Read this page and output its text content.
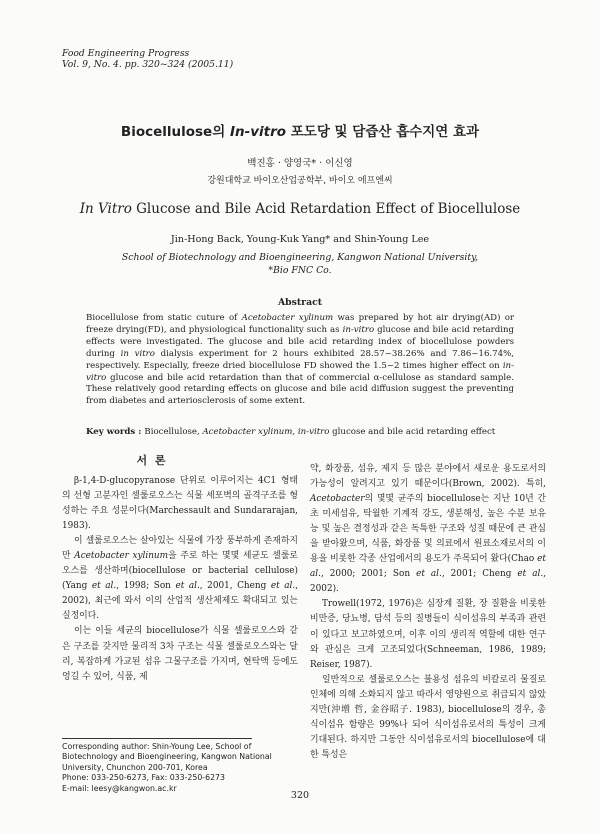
Food Engineering Progress
Vol. 9, No. 4. pp. 320~324 (2005.11)
Biocellulose의 In-vitro 포도당 및 담즙산 흡수지연 효과
백진홍 · 양영국* · 이신영
강원대학교 바이오산업공학부, 바이오 에프엔씨
In Vitro Glucose and Bile Acid Retardation Effect of Biocellulose
Jin-Hong Back, Young-Kuk Yang* and Shin-Young Lee
School of Biotechnology and Bioengineering, Kangwon National University,
*Bio FNC Co.
Abstract

Biocellulose from static cuture of Acetobacter xylinum was prepared by hot air drying(AD) or freeze drying(FD), and physiological functionality such as in-vitro glucose and bile acid retarding effects were investigated. The glucose and bile acid retarding index of biocellulose powders during in vitro dialysis experiment for 2 hours exhibited 28.57~38.26% and 7.86~16.74%, respectively. Especially, freeze dried biocellulose FD showed the 1.5~2 times higher effect on in-vitro glucose and bile acid retardation than that of commercial α-cellulose as standard sample. These relatively good retarding effects on glucose and bile acid diffusion suggest the preventing from diabetes and arteriosclerosis of some extent.

Key words : Biocellulose, Acetobacter xylinum, in-vitro glucose and bile acid retarding effect

서 론

β-1,4-D-glucopyranose 단위로 이루어지는 4C1 형태의 선형 고분자인 셀룰로오스는 식물 세포벽의 골격구조를 형성하는 주요 성분이다(Marchessault and Sundararajan, 1983).

이 셀룰로오스는 살아있는 식물에 가장 풍부하게 존재하지만 Acetobacter xylinum을 주로 하는 몇몇 세균도 셀룰로오스를 생산하며(biocellulose or bacterial cellulose)(Yang et al., 1998; Son et al., 2001, Cheng et al., 2002), 최근에 와서 이의 산업적 생산체제도 확대되고 있는 실정이다.

이는 이들 세균의 biocellulose가 식물 셀룰로오스와 같은 구조를 갖지만 물리적 3차 구조는 식물 셀룰로오스와는 달리, 복잡하게 가교된 섬유 그물구조를 가지며, 현탁액 등에도 엉길 수 있어, 식품, 제

약, 화장품, 섬유, 제지 등 많은 분야에서 새로운 용도로서의 가능성이 알려지고 있기 때문이다(Brown, 2002). 특히, Acetobacter의 몇몇 균주의 biocellulose는 지난 10년 간 초 미세섬유, 탁월한 기계적 강도, 생분해성, 높은 수분 보유능 및 높은 결정성과 같은 독특한 구조와 성질 때문에 큰 관심을 받아왔으며, 식품, 화장품 및 의료에서 원료소재로서의 이용을 비롯한 각종 산업에서의 용도가 주목되어 왔다(Chao et al., 2000; 2001; Son et al., 2001; Cheng et al., 2002).

Trowell(1972, 1976)은 심장계 질환, 장 질환을 비롯한 비만증, 당뇨병, 담석 등의 질병들이 식이섬유의 부족과 관련이 있다고 보고하였으며, 이후 이의 생리적 역할에 대한 연구와 관심은 크게 고조되었다(Schneeman, 1986, 1989; Reiser, 1987).

일반적으로 셀룰로오스는 불용성 섬유의 비칼로리 물질로 인체에 의해 소화되지 않고 따라서 영양원으로 취급되지 않았지만(沖增 哲, 金谷昭子. 1983), biocellulose의 경우, 총 식이섬유 함량은 99%나 되어 식이섬유로서의 특성이 크게 기대된다. 하지만 그동안 식이섬유로서의 biocellulose에 대한 특성은

Corresponding author: Shin-Young Lee, School of Biotechnology and Bioengineering, Kangwon National University, Chunchon 200-701, Korea
Phone: 033-250-6273, Fax: 033-250-6273
E-mail: leesy@kangwon.ac.kr
320
